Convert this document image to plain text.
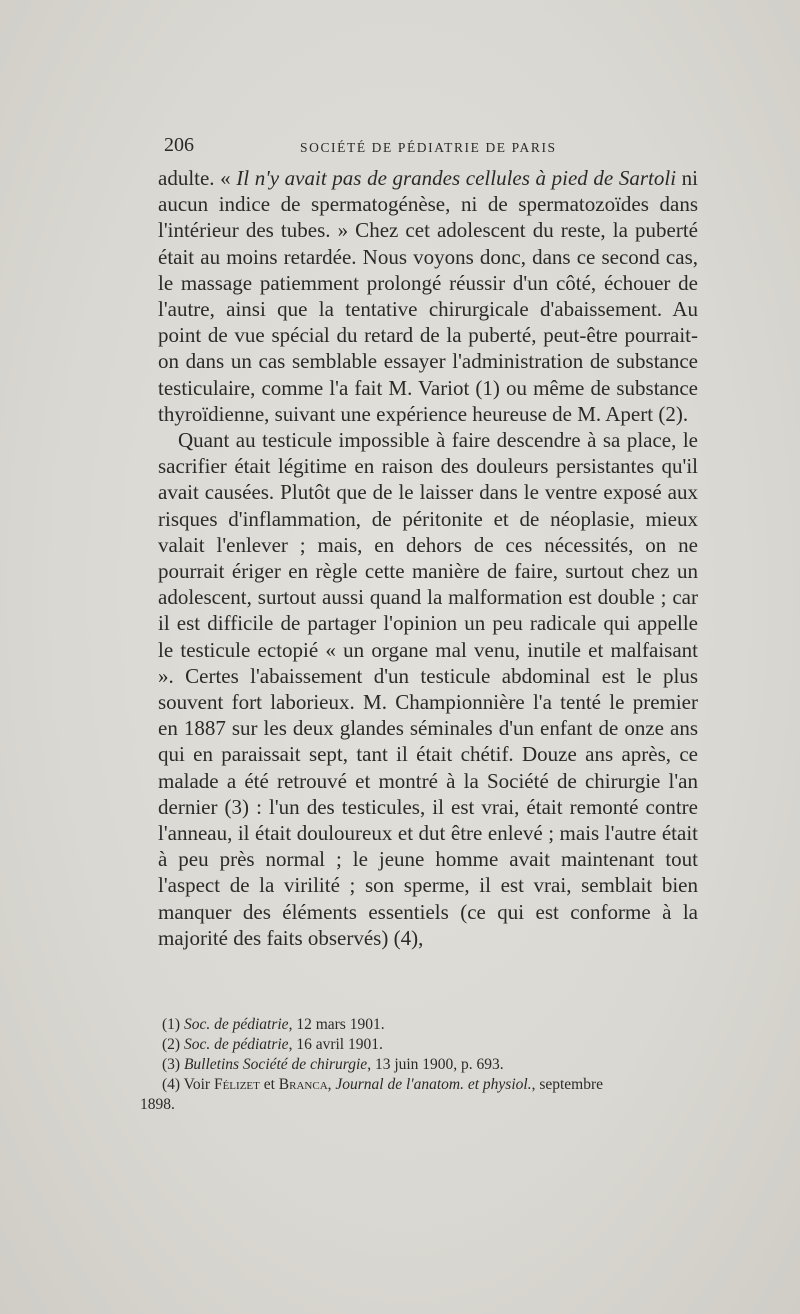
206	SOCIÉTÉ DE PÉDIATRIE DE PARIS

adulte. « Il n'y avait pas de grandes cellules à pied de Sartoli ni aucun indice de spermatogénèse, ni de spermatozoïdes dans l'intérieur des tubes. » Chez cet adolescent du reste, la puberté était au moins retardée. Nous voyons donc, dans ce second cas, le massage patiemment prolongé réussir d'un côté, échouer de l'autre, ainsi que la tentative chirurgicale d'abaissement. Au point de vue spécial du retard de la puberté, peut-être pourrait-on dans un cas semblable essayer l'administration de substance testiculaire, comme l'a fait M. Variot (1) ou même de substance thyroïdienne, suivant une expérience heureuse de M. Apert (2).

Quant au testicule impossible à faire descendre à sa place, le sacrifier était légitime en raison des douleurs persistantes qu'il avait causées. Plutôt que de le laisser dans le ventre exposé aux risques d'inflammation, de péritonite et de néoplasie, mieux valait l'enlever ; mais, en dehors de ces nécessités, on ne pourrait ériger en règle cette manière de faire, surtout chez un adolescent, surtout aussi quand la malformation est double ; car il est difficile de partager l'opinion un peu radicale qui appelle le testicule ectopié « un organe mal venu, inutile et malfaisant ». Certes l'abaissement d'un testicule abdominal est le plus souvent fort laborieux. M. Championnière l'a tenté le premier en 1887 sur les deux glandes séminales d'un enfant de onze ans qui en paraissait sept, tant il était chétif. Douze ans après, ce malade a été retrouvé et montré à la Société de chirurgie l'an dernier (3) : l'un des testicules, il est vrai, était remonté contre l'anneau, il était douloureux et dut être enlevé ; mais l'autre était à peu près normal ; le jeune homme avait maintenant tout l'aspect de la virilité ; son sperme, il est vrai, semblait bien manquer des éléments essentiels (ce qui est conforme à la majorité des faits observés) (4),

(1) Soc. de pédiatrie, 12 mars 1901.

(2) Soc. de pédiatrie, 16 avril 1901.

(3) Bulletins Société de chirurgie, 13 juin 1900, p. 693.

(4) Voir Félizet et Branca, Journal de l'anatom. et physiol., septembre

1898.
